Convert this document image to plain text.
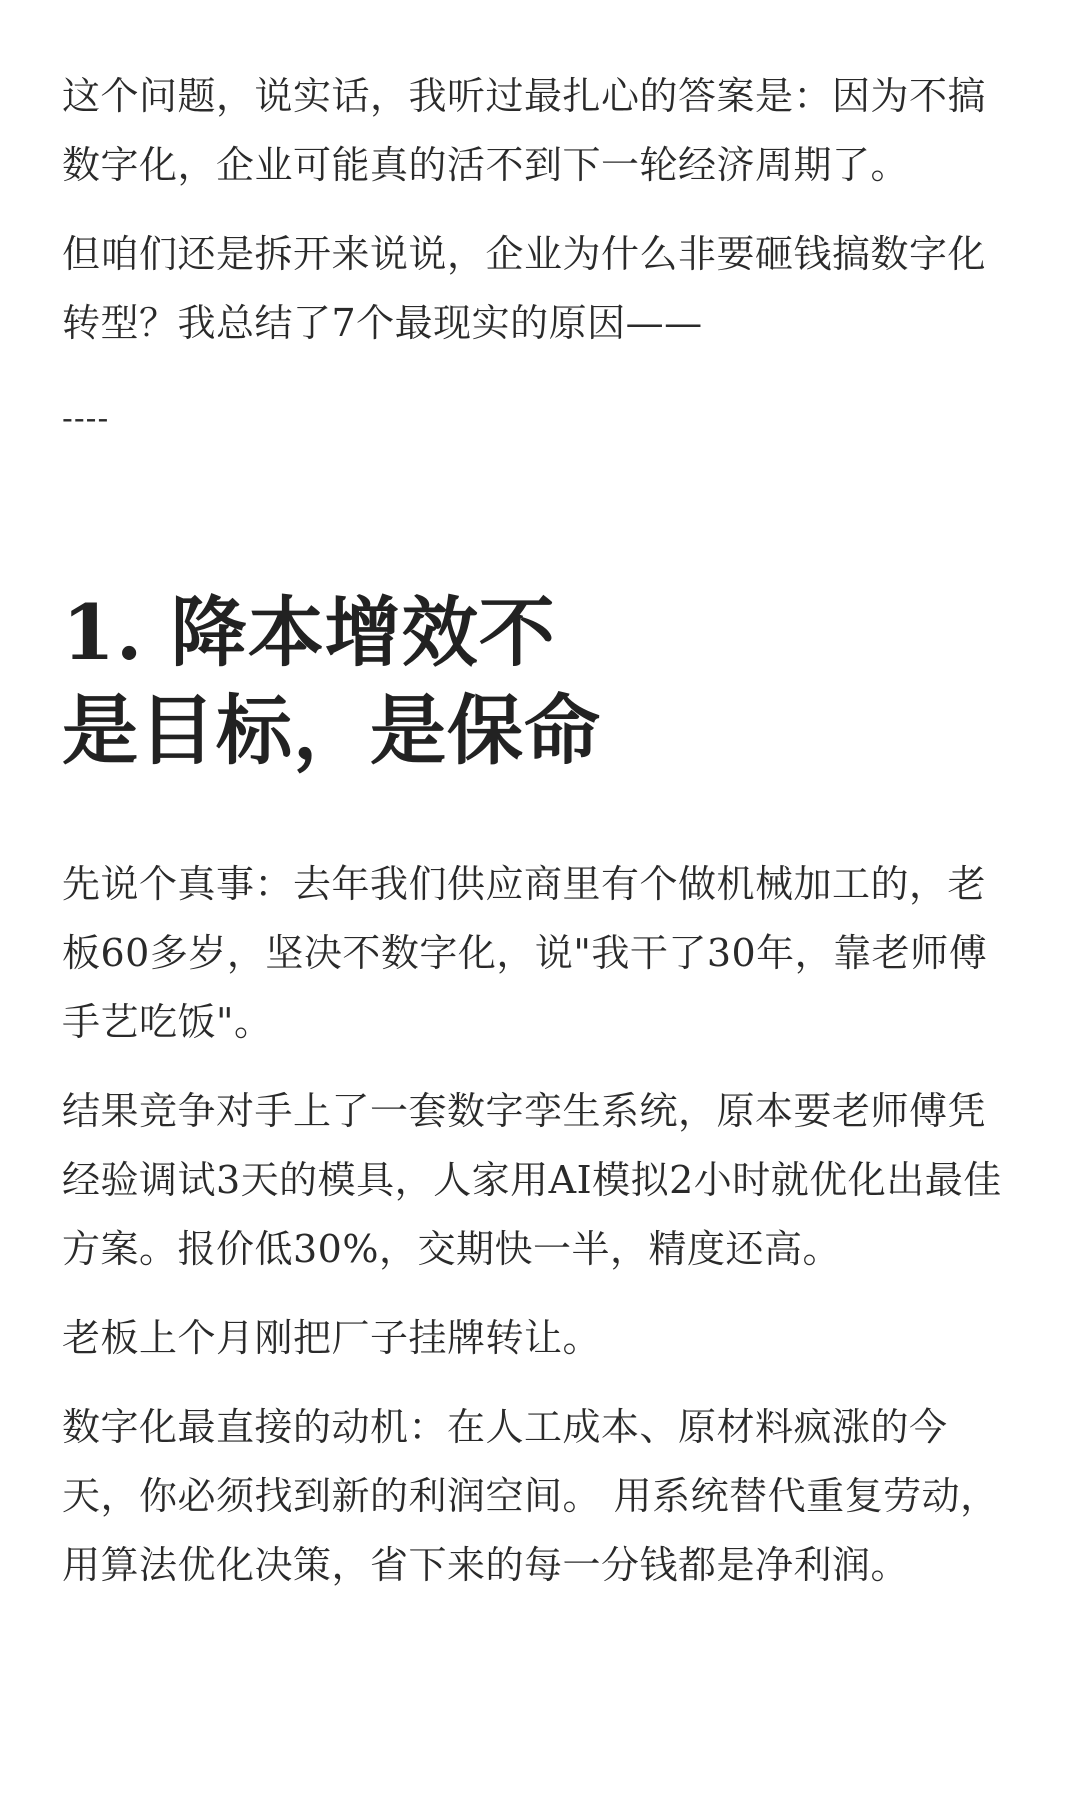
这个问题，说实话，我听过最扎心的答案是：因为不搞数字化，企业可能真的活不到下一轮经济周期了。

但咱们还是拆开来说说，企业为什么非要砸钱搞数字化转型？我总结了7个最现实的原因——

----
1. 降本增效不是目标，是保命

先说个真事：去年我们供应商里有个做机械加工的，老板60多岁，坚决不数字化，说"我干了30年，靠老师傅手艺吃饭"。

结果竞争对手上了一套数字孪生系统，原本要老师傅凭经验调试3天的模具，人家用AI模拟2小时就优化出最佳方案。报价低30%，交期快一半，精度还高。

老板上个月刚把厂子挂牌转让。

数字化最直接的动机：在人工成本、原材料疯涨的今天，你必须找到新的利润空间。 用系统替代重复劳动，用算法优化决策，省下来的每一分钱都是净利润。
